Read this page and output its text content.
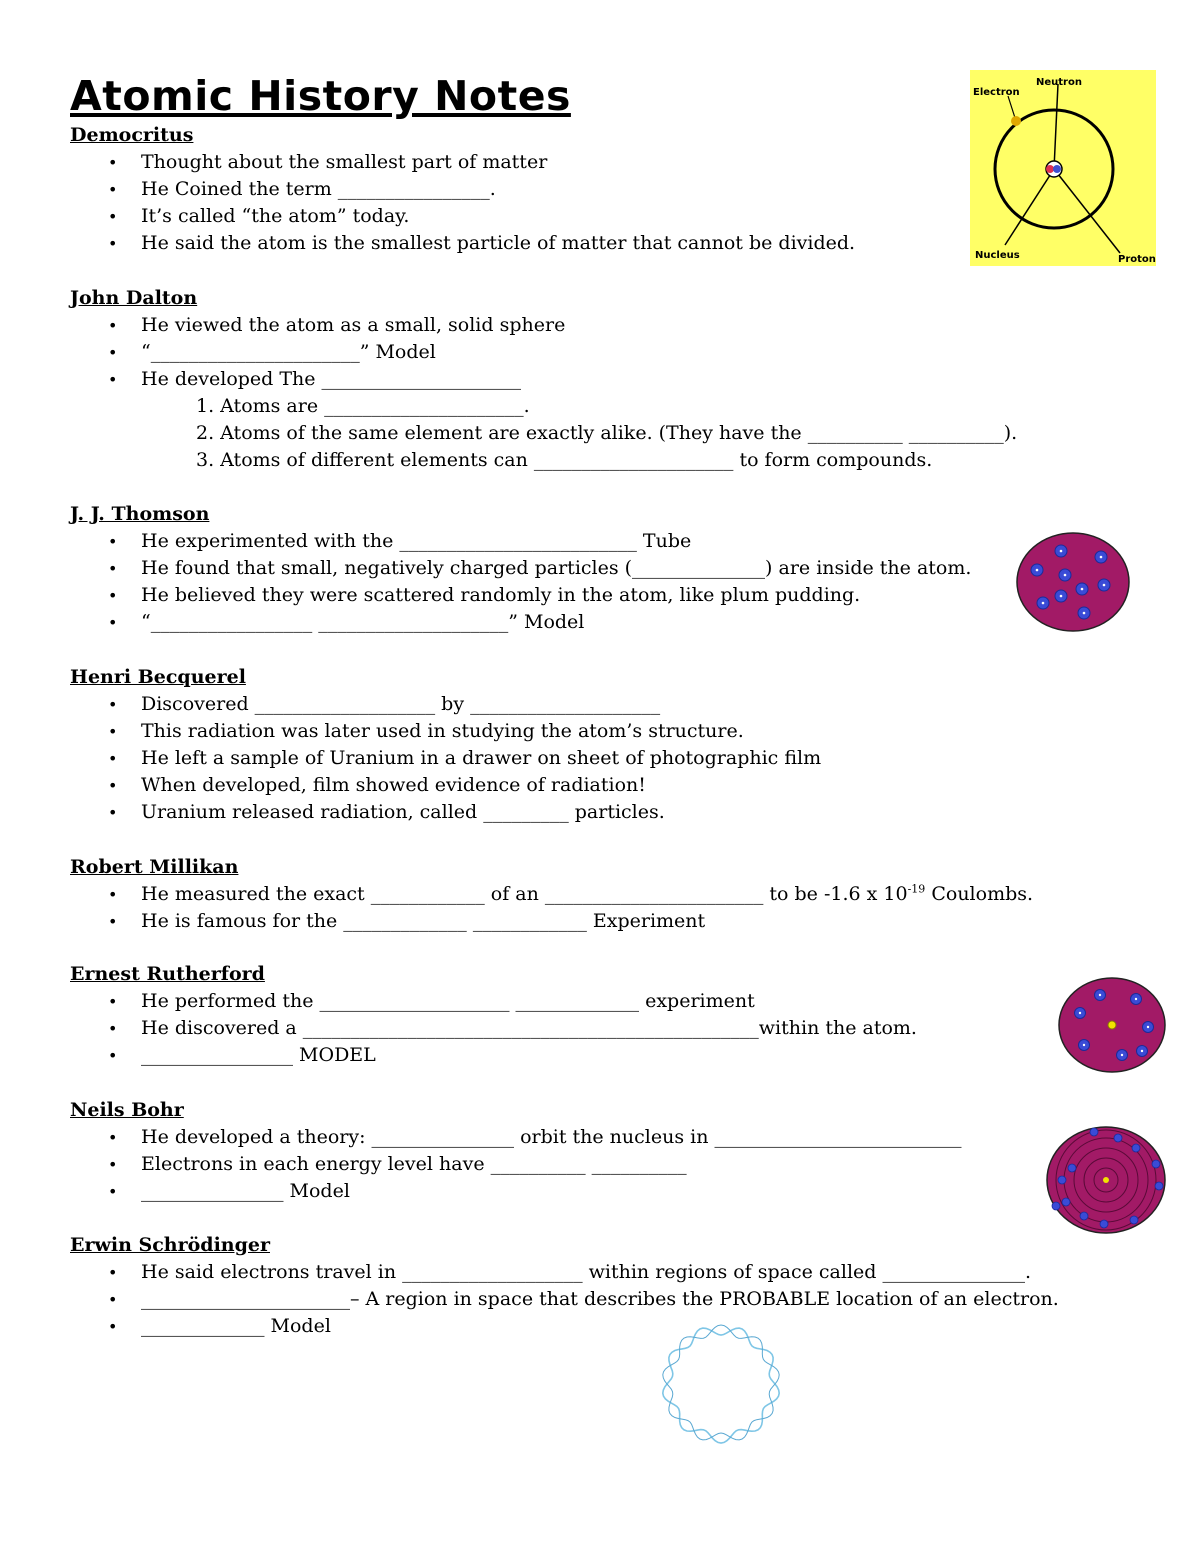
Atomic History Notes	Electron
Neutron
Nucleus	Proton
Democritus
• Thought about the smallest part of matter
• He Coined the term ________________.
• It’s called “the atom” today.
• He said the atom is the smallest particle of matter that cannot be divided.
John Dalton
• He viewed the atom as a small, solid sphere
• “______________________” Model
• He developed The _____________________
1. Atoms are _____________________.
2. Atoms of the same element are exactly alike. (They have the __________ __________).
3. Atoms of different elements can _____________________ to form compounds.
J. J. Thomson
• He experimented with the _________________________ Tube
• He found that small, negatively charged particles (______________) are inside the atom.
• He believed they were scattered randomly in the atom, like plum pudding.
• “_________________ ____________________” Model
Henri Becquerel
• Discovered ___________________ by ____________________
• This radiation was later used in studying the atom’s structure.
• He left a sample of Uranium in a drawer on sheet of photographic film
• When developed, film showed evidence of radiation!
• Uranium released radiation, called _________ particles.
Robert Millikan
• He measured the exact ____________ of an _______________________ to be -1.6 x $10^{-19}$ Coulombs.
• He is famous for the _____________ ____________ Experiment
Ernest Rutherford
• He performed the ____________________ _____________ experiment
• He discovered a ________________________________________________within the atom.
• ________________ MODEL
Neils Bohr
• He developed a theory: _______________ orbit the nucleus in __________________________
• Electrons in each energy level have __________ __________
• _______________ Model
Erwin Schrödinger
• He said electrons travel in ___________________ within regions of space called _______________.
• ______________________– A region in space that describes the PROBABLE location of an electron.
• _____________ Model
